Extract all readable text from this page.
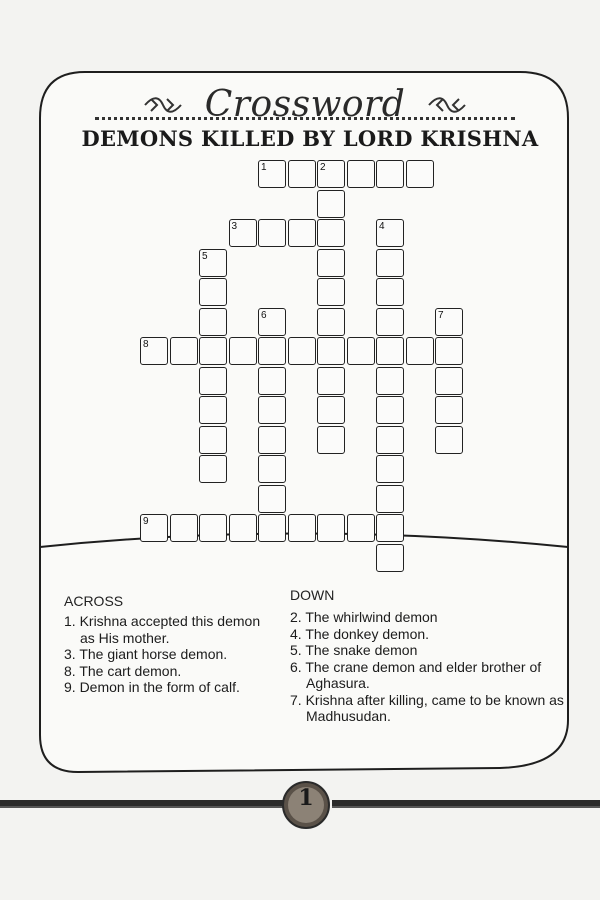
Crossword
DEMONS KILLED BY LORD KRISHNA
1	2
3	4
5
6	7
8
9
ACROSS
1. Krishna accepted this demon as His mother.
3. The giant horse demon.
8. The cart demon.
9. Demon in the form of calf.
DOWN
2. The whirlwind demon
4. The donkey demon.
5. The snake demon
6. The crane demon and elder brother of Aghasura.
7. Krishna after killing, came to be known as Madhusudan.
1
